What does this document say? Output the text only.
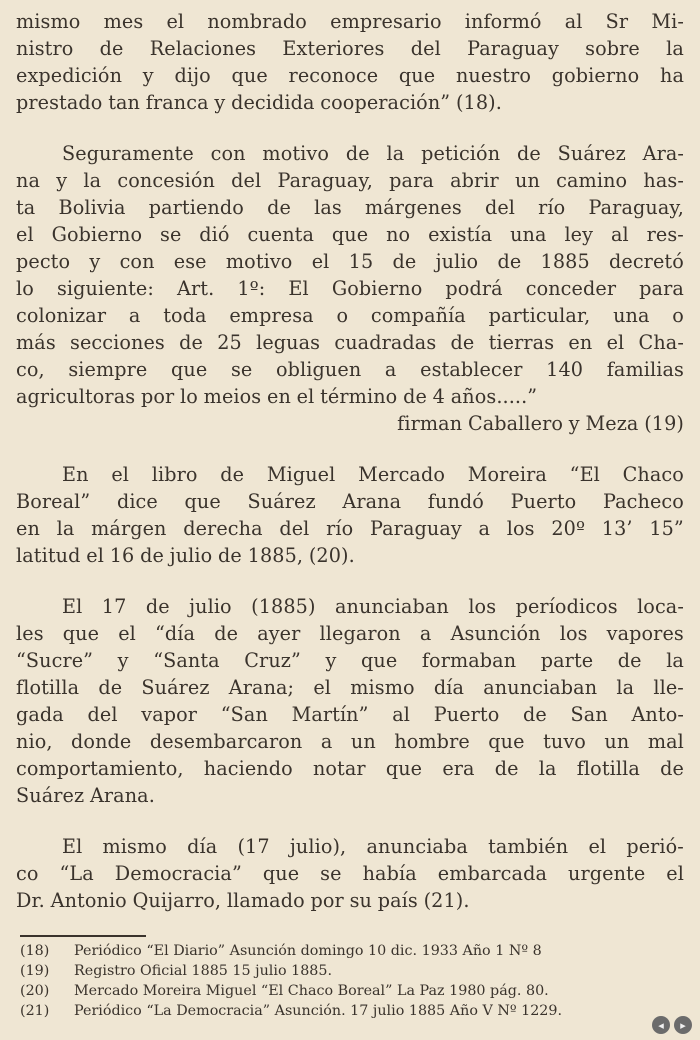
mismo mes el nombrado empresario informó al Sr Mi-
nistro de Relaciones Exteriores del Paraguay sobre la
expedición y dijo que reconoce que nuestro gobierno ha
prestado tan franca y decidida cooperación” (18).
Seguramente con motivo de la petición de Suárez Ara-
na y la concesión del Paraguay, para abrir un camino has-
ta Bolivia partiendo de las márgenes del río Paraguay,
el Gobierno se dió cuenta que no existía una ley al res-
pecto y con ese motivo el 15 de julio de 1885 decretó
lo siguiente: Art. 1º: El Gobierno podrá conceder para
colonizar a toda empresa o compañía particular, una o
más secciones de 25 leguas cuadradas de tierras en el Cha-
co, siempre que se obliguen a establecer 140 familias
agricultoras por lo meios en el término de 4 años.....”
firman Caballero y Meza (19)
En el libro de Miguel Mercado Moreira “El Chaco
Boreal” dice que Suárez Arana fundó Puerto Pacheco
en la márgen derecha del río Paraguay a los 20º 13’ 15”
latitud el 16 de julio de 1885, (20).
El 17 de julio (1885) anunciaban los períodicos loca-
les que el “día de ayer llegaron a Asunción los vapores
“Sucre” y “Santa Cruz” y que formaban parte de la
flotilla de Suárez Arana; el mismo día anunciaban la lle-
gada del vapor “San Martín” al Puerto de San Anto-
nio, donde desembarcaron a un hombre que tuvo un mal
comportamiento, haciendo notar que era de la flotilla de
Suárez Arana.
El mismo día (17 julio), anunciaba también el perió-
co “La Democracia” que se había embarcada urgente el
Dr. Antonio Quijarro, llamado por su país (21).
(18)	Periódico “El Diario” Asunción domingo 10 dic. 1933 Año 1 Nº 8
(19)	Registro Oficial 1885 15 julio 1885.
(20)	Mercado Moreira Miguel “El Chaco Boreal” La Paz 1980 pág. 80.
(21)	Periódico “La Democracia” Asunción. 17 julio 1885 Año V Nº 1229.
◂	▸
